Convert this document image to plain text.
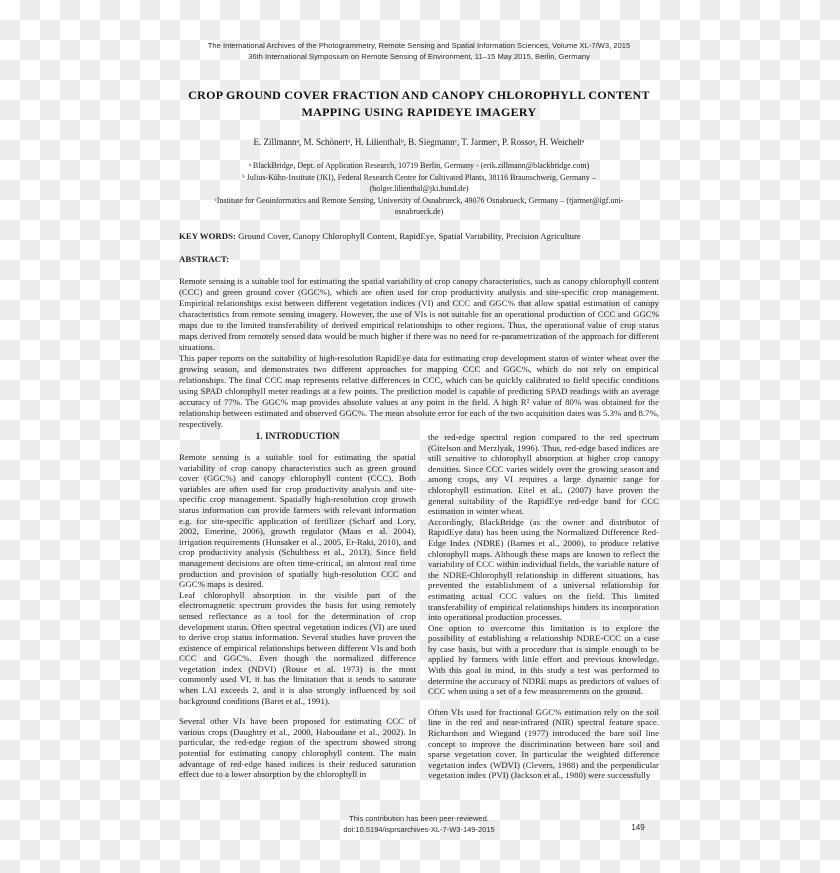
The International Archives of the Photogrammetry, Remote Sensing and Spatial Information Sciences, Volume XL-7/W3, 2015
36th International Symposium on Remote Sensing of Environment, 11–15 May 2015, Berlin, Germany
CROP GROUND COVER FRACTION AND CANOPY CHLOROPHYLL CONTENT
MAPPING USING RAPIDEYE IMAGERY
E. Zillmannᵃ, M. Schönertᵃ, H. Lilienthalᵇ, B. Siegmannᶜ, T. Jarmerᶜ, P. Rossoᵃ, H. Weicheltᵃ
ᵃ BlackBridge, Dept. of Application Research, 10719 Berlin, Germany - (erik.zillmann@blackbridge.com)
ᵇ Julius-Kühn-Institute (JKI), Federal Research Centre for Cultivated Plants, 38116 Braunschweig, Germany –
(holger.lilienthal@jki.bund.de)
ᶜInstitute for Geoinformatics and Remote Sensing, University of Osnabrueck, 49076 Osnabrueck, Germany – (tjarmer@igf.uni-
osnabrueck.de)
KEY WORDS: Ground Cover, Canopy Chlorophyll Content, RapidEye, Spatial Variability, Precision Agriculture
ABSTRACT:

Remote sensing is a suitable tool for estimating the spatial variability of crop canopy characteristics, such as canopy chlorophyll content (CCC) and green ground cover (GGC%), which are often used for crop productivity analysis and site-specific crop management. Empirical relationships exist between different vegetation indices (VI) and CCC and GGC% that allow spatial estimation of canopy characteristics from remote sensing imagery. However, the use of VIs is not suitable for an operational production of CCC and GGC% maps due to the limited transferability of derived empirical relationships to other regions. Thus, the operational value of crop status maps derived from remotely sensed data would be much higher if there was no need for re-parametrization of the approach for different situations.

This paper reports on the suitability of high-resolution RapidEye data for estimating crop development status of winter wheat over the growing season, and demonstrates two different approaches for mapping CCC and GGC%, which do not rely on empirical relationships. The final CCC map represents relative differences in CCC, which can be quickly calibrated to field specific conditions using SPAD chlorophyll meter readings at a few points. The prediction model is capable of predicting SPAD readings with an average accuracy of 77%. The GGC% map provides absolute values at any point in the field. A high R² value of 80% was obtained for the relationship between estimated and observed GGC%. The mean absolute error for each of the two acquisition dates was 5.3% and 8.7%, respectively.

1. INTRODUCTION

Remote sensing is a suitable tool for estimating the spatial variability of crop canopy characteristics such as green ground cover (GGC%) and canopy chlorophyll content (CCC). Both variables are often used for crop productivity analysis and site-specific crop management. Spatially high-resolution crop growth status information can provide farmers with relevant information e.g. for site-specific application of fertilizer (Scharf and Lory, 2002, Emerine, 2006), growth regulator (Maas et al. 2004), irrigation requirements (Hunsaker et al., 2005, Er-Raki, 2010), and crop productivity analysis (Schulthess et al., 2013). Since field management decisions are often time-critical, an almost real time production and provision of spatially high-resolution CCC and GGC% maps is desired.

Leaf chlorophyll absorption in the visible part of the electromagnetic spectrum provides the basis for using remotely sensed reflectance as a tool for the determination of crop development status. Often spectral vegetation indices (VI) are used to derive crop status information. Several studies have proven the existence of empirical relationships between different VIs and both CCC and GGC%. Even though the normalized difference vegetation index (NDVI) (Rouse et al. 1973) is the most commonly used VI, it has the limitation that it tends to saturate when LAI exceeds 2, and it is also strongly influenced by soil background conditions (Baret et al., 1991).

Several other VIs have been proposed for estimating CCC of various crops (Daughtry et al., 2000, Haboudane et al., 2002). In particular, the red-edge region of the spectrum showed strong potential for estimating canopy chlorophyll content. The main advantage of red-edge based indices is their reduced saturation effect due to a lower absorption by the chlorophyll in

the red-edge spectral region compared to the red spectrum (Gitelson and Merzlyak, 1996). Thus, red-edge based indices are still sensitive to chlorophyll absorption at higher crop canopy densities. Since CCC varies widely over the growing season and among crops, any VI requires a large dynamic range for chlorophyll estimation. Eitel et al., (2007) have proven the general suitability of the RapidEye red-edge band for CCC estimation in winter wheat.

Accordingly, BlackBridge (as the owner and distributor of RapidEye data) has been using the Normalized Difference Red-Edge Index (NDRE) (Barnes et al., 2000), to produce relative chlorophyll maps. Although these maps are known to reflect the variability of CCC within individual fields, the variable nature of the NDRE-Chlorophyll relationship in different situations, has prevented the establishment of a universal relationship for estimating actual CCC values on the field. This limited transferability of empirical relationships hinders its incorporation into operational production processes.

One option to overcome this limitation is to explore the possibility of establishing a relationship NDRE-CCC on a case by case basis, but with a procedure that is simple enough to be applied by farmers with little effort and previous knowledge. With this goal in mind, in this study a test was performed to determine the accuracy of NDRE maps as predictors of values of CCC when using a set of a few measurements on the ground.

Often VIs used for fractional GGC% estimation rely on the soil line in the red and near-infrared (NIR) spectral feature space. Richardson and Wiegand (1977) introduced the bare soil line concept to improve the discrimination between bare soil and sparse vegetation cover. In particular the weighted difference vegetation index (WDVI) (Clevers, 1988) and the perpendicular vegetation index (PVI) (Jackson et al., 1980) were successfully

This contribution has been peer-reviewed.
doi:10.5194/isprsarchives-XL-7-W3-149-2015	149
